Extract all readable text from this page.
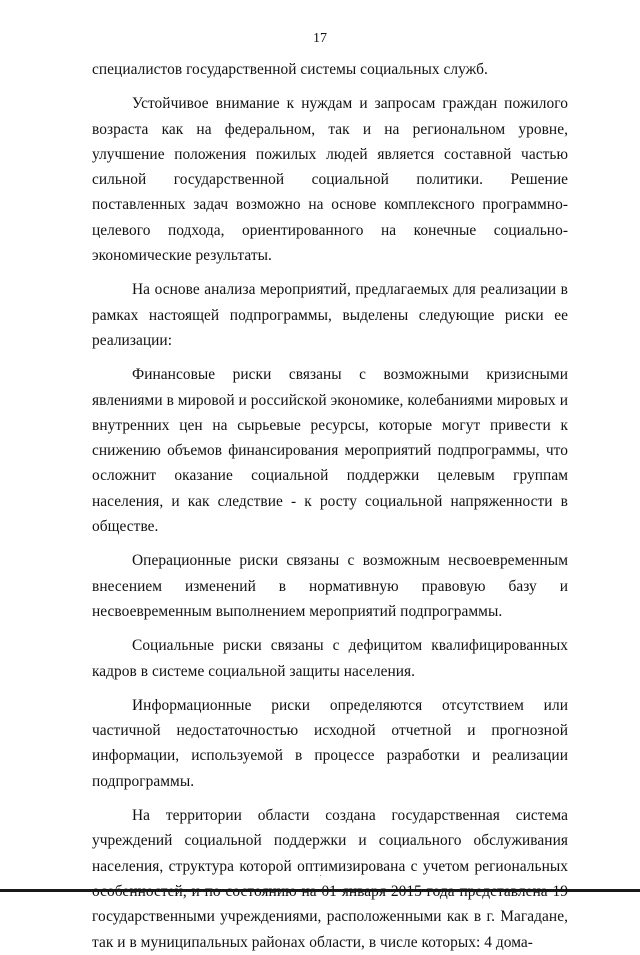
17

специалистов государственной системы социальных служб.

Устойчивое внимание к нуждам и запросам граждан пожилого возраста как на федеральном, так и на региональном уровне, улучшение положения пожилых людей является составной частью сильной государственной социальной политики. Решение поставленных задач возможно на основе комплексного программно-целевого подхода, ориентированного на конечные социально-экономические результаты.

На основе анализа мероприятий, предлагаемых для реализации в рамках настоящей подпрограммы, выделены следующие риски ее реализации:

Финансовые риски связаны с возможными кризисными явлениями в мировой и российской экономике, колебаниями мировых и внутренних цен на сырьевые ресурсы, которые могут привести к снижению объемов финансирования мероприятий подпрограммы, что осложнит оказание социальной поддержки целевым группам населения, и как следствие - к росту социальной напряженности в обществе.

Операционные риски связаны с возможным несвоевременным внесением изменений в нормативную правовую базу и несвоевременным выполнением мероприятий подпрограммы.

Социальные риски связаны с дефицитом квалифицированных кадров в системе социальной защиты населения.

Информационные риски определяются отсутствием или частичной недостаточностью исходной отчетной и прогнозной информации, используемой в процессе разработки и реализации подпрограммы.

На территории области создана государственная система учреждений социальной поддержки и социального обслуживания населения, структура которой оптимизирована с учетом региональных государственными учреждениями, расположенными как в г. Магадане, так и в муниципальных районах области, в числе которых: 4 дома-
